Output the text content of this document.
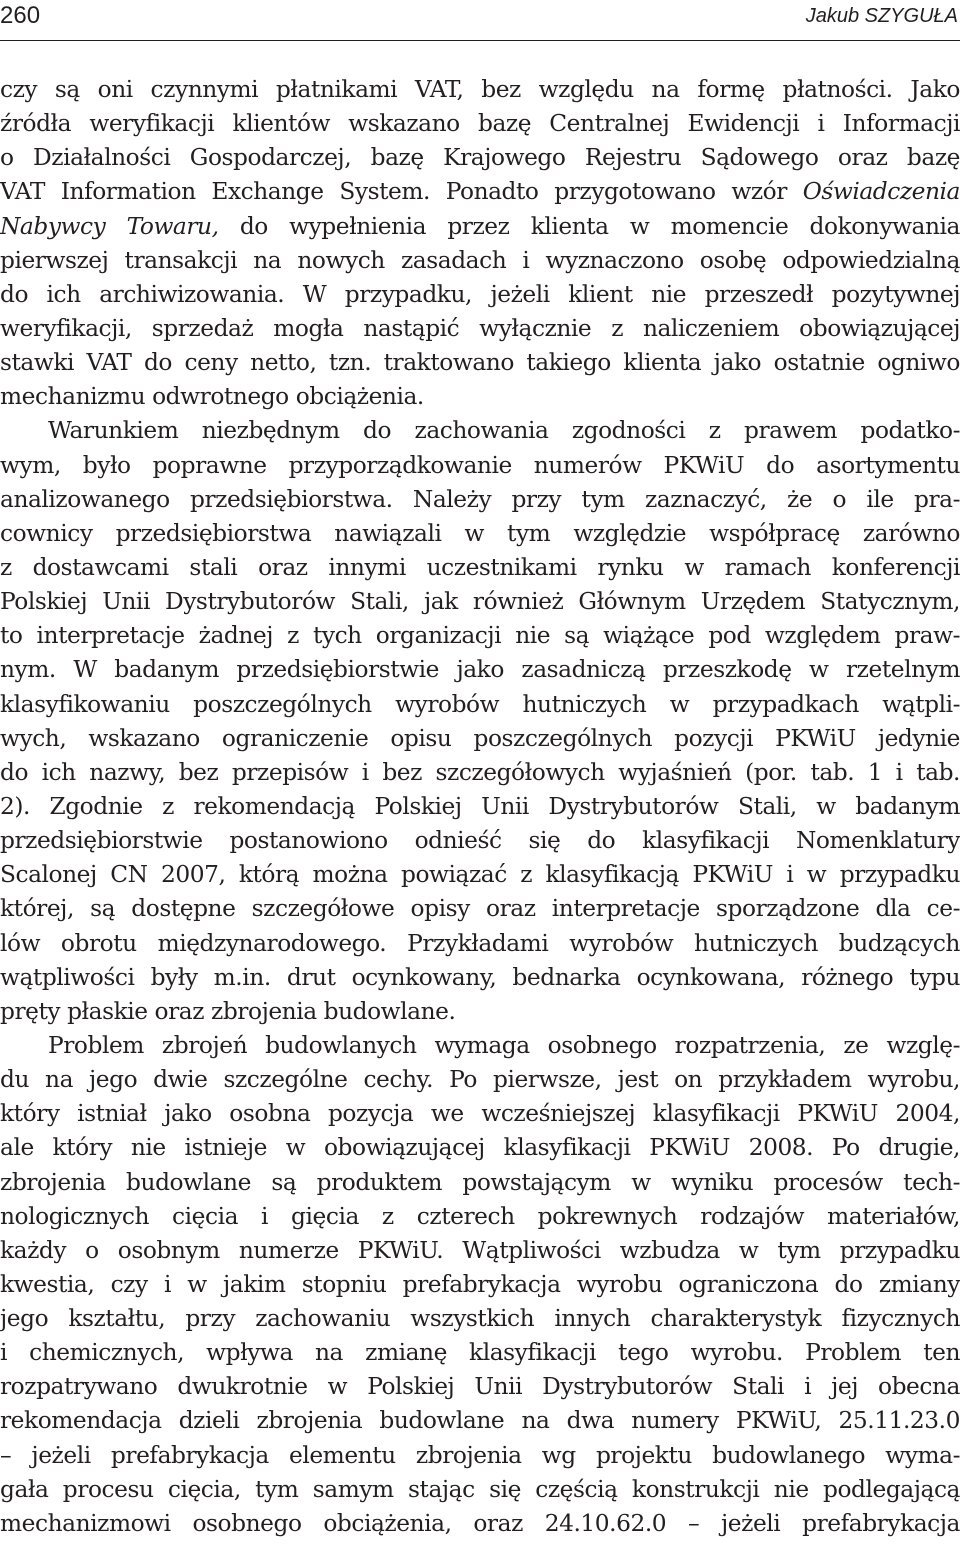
260	Jakub SZYGUŁA
czy są oni czynnymi płatnikami VAT, bez względu na formę płatności. Jako
źródła weryfikacji klientów wskazano bazę Centralnej Ewidencji i Informacji
o Działalności Gospodarczej, bazę Krajowego Rejestru Sądowego oraz bazę
VAT Information Exchange System. Ponadto przygotowano wzór Oświadczenia
Nabywcy Towaru, do wypełnienia przez klienta w momencie dokonywania
pierwszej transakcji na nowych zasadach i wyznaczono osobę odpowiedzialną
do ich archiwizowania. W przypadku, jeżeli klient nie przeszedł pozytywnej
weryfikacji, sprzedaż mogła nastąpić wyłącznie z naliczeniem obowiązującej
stawki VAT do ceny netto, tzn. traktowano takiego klienta jako ostatnie ogniwo
mechanizmu odwrotnego obciążenia.
Warunkiem niezbędnym do zachowania zgodności z prawem podatko-
wym, było poprawne przyporządkowanie numerów PKWiU do asortymentu
analizowanego przedsiębiorstwa. Należy przy tym zaznaczyć, że o ile pra-
cownicy przedsiębiorstwa nawiązali w tym względzie współpracę zarówno
z dostawcami stali oraz innymi uczestnikami rynku w ramach konferencji
Polskiej Unii Dystrybutorów Stali, jak również Głównym Urzędem Statycznym,
to interpretacje żadnej z tych organizacji nie są wiążące pod względem praw-
nym. W badanym przedsiębiorstwie jako zasadniczą przeszkodę w rzetelnym
klasyfikowaniu poszczególnych wyrobów hutniczych w przypadkach wątpli-
wych, wskazano ograniczenie opisu poszczególnych pozycji PKWiU jedynie
do ich nazwy, bez przepisów i bez szczegółowych wyjaśnień (por. tab. 1 i tab.
2). Zgodnie z rekomendacją Polskiej Unii Dystrybutorów Stali, w badanym
przedsiębiorstwie postanowiono odnieść się do klasyfikacji Nomenklatury
Scalonej CN 2007, którą można powiązać z klasyfikacją PKWiU i w przypadku
której, są dostępne szczegółowe opisy oraz interpretacje sporządzone dla ce-
lów obrotu międzynarodowego. Przykładami wyrobów hutniczych budzących
wątpliwości były m.in. drut ocynkowany, bednarka ocynkowana, różnego typu
pręty płaskie oraz zbrojenia budowlane.
Problem zbrojeń budowlanych wymaga osobnego rozpatrzenia, ze wzglę-
du na jego dwie szczególne cechy. Po pierwsze, jest on przykładem wyrobu,
który istniał jako osobna pozycja we wcześniejszej klasyfikacji PKWiU 2004,
ale który nie istnieje w obowiązującej klasyfikacji PKWiU 2008. Po drugie,
zbrojenia budowlane są produktem powstającym w wyniku procesów tech-
nologicznych cięcia i gięcia z czterech pokrewnych rodzajów materiałów,
każdy o osobnym numerze PKWiU. Wątpliwości wzbudza w tym przypadku
kwestia, czy i w jakim stopniu prefabrykacja wyrobu ograniczona do zmiany
jego kształtu, przy zachowaniu wszystkich innych charakterystyk fizycznych
i chemicznych, wpływa na zmianę klasyfikacji tego wyrobu. Problem ten
rozpatrywano dwukrotnie w Polskiej Unii Dystrybutorów Stali i jej obecna
rekomendacja dzieli zbrojenia budowlane na dwa numery PKWiU, 25.11.23.0
– jeżeli prefabrykacja elementu zbrojenia wg projektu budowlanego wyma-
gała procesu cięcia, tym samym stając się częścią konstrukcji nie podlegającą
mechanizmowi osobnego obciążenia, oraz 24.10.62.0 – jeżeli prefabrykacja
